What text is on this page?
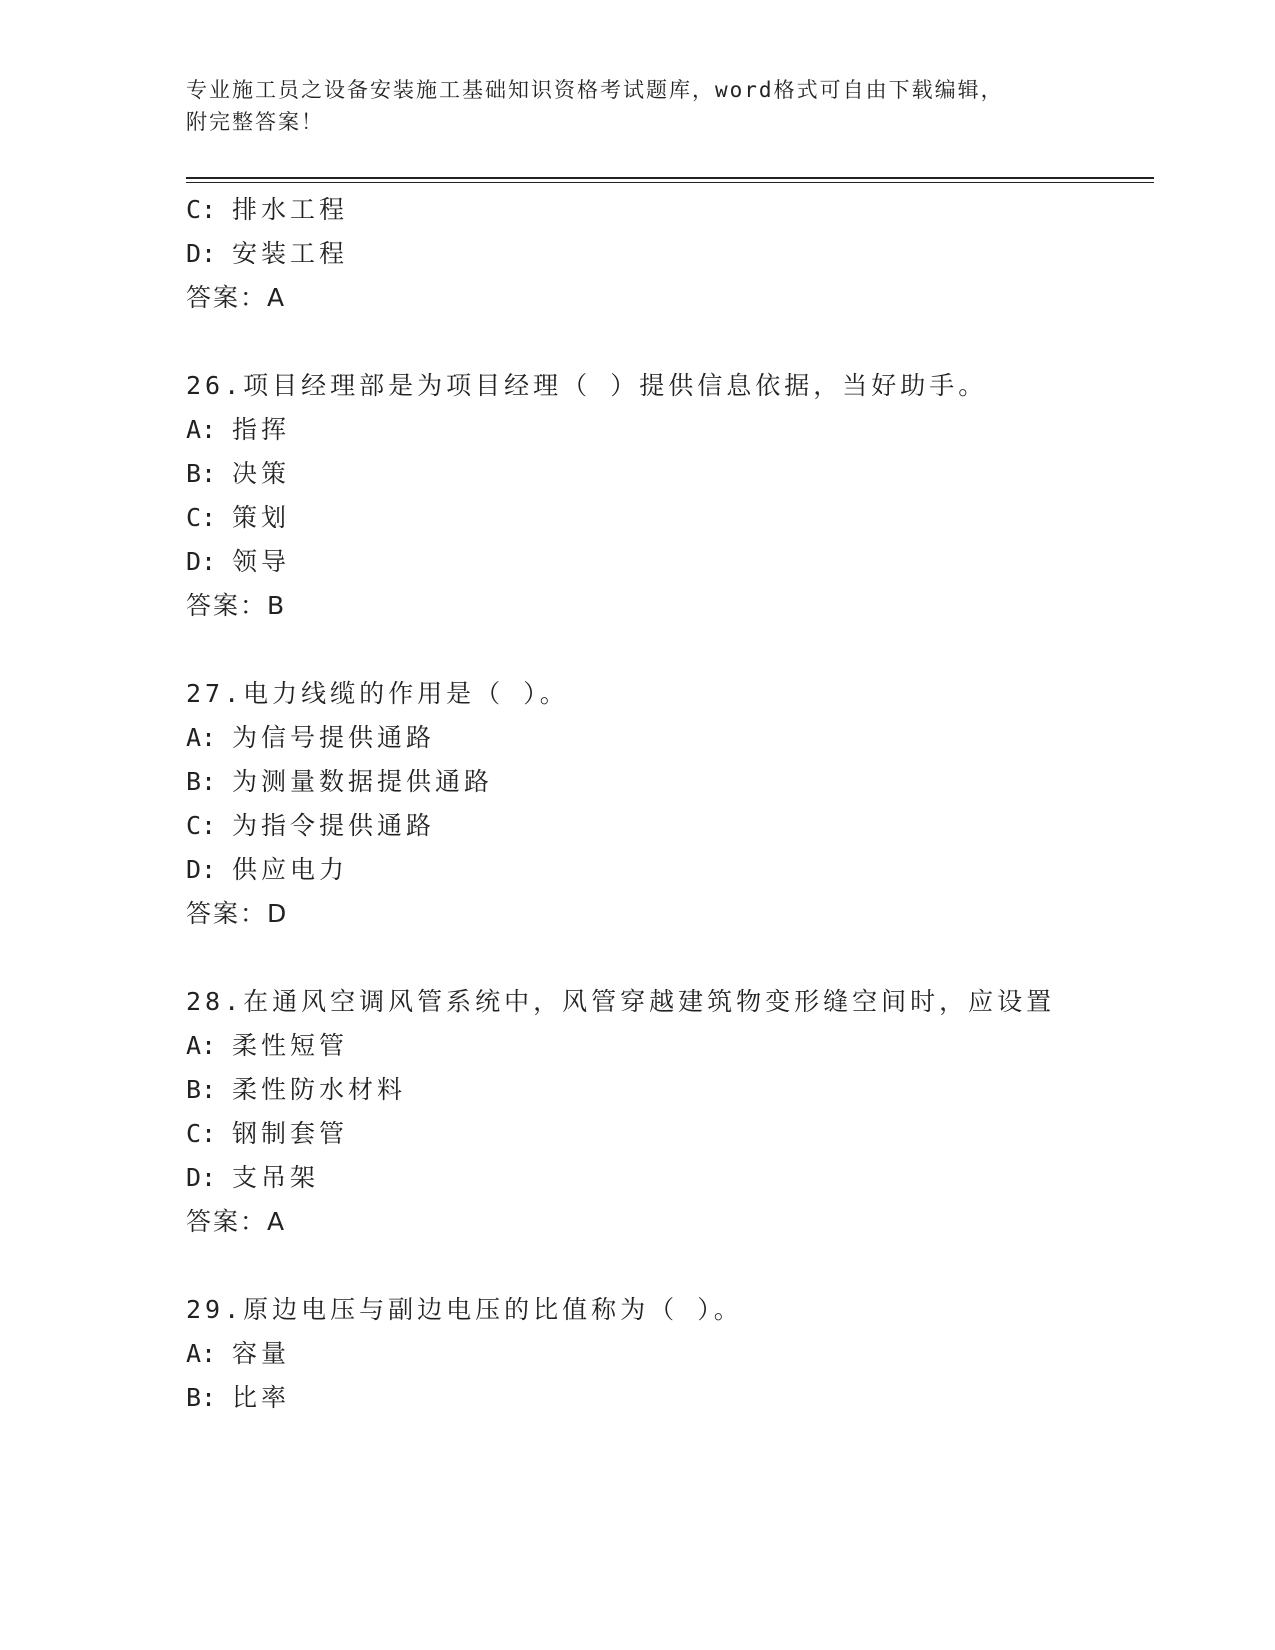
专业施工员之设备安装施工基础知识资格考试题库，word格式可自由下载编辑，
附完整答案！
C: 排水工程
D: 安装工程
答案：A
26.项目经理部是为项目经理（ ）提供信息依据，当好助手。
A: 指挥
B: 决策
C: 策划
D: 领导
答案：B
27.电力线缆的作用是（ ）。
A: 为信号提供通路
B: 为测量数据提供通路
C: 为指令提供通路
D: 供应电力
答案：D
28.在通风空调风管系统中，风管穿越建筑物变形缝空间时，应设置
A: 柔性短管
B: 柔性防水材料
C: 钢制套管
D: 支吊架
答案：A
29.原边电压与副边电压的比值称为（ ）。
A: 容量
B: 比率
